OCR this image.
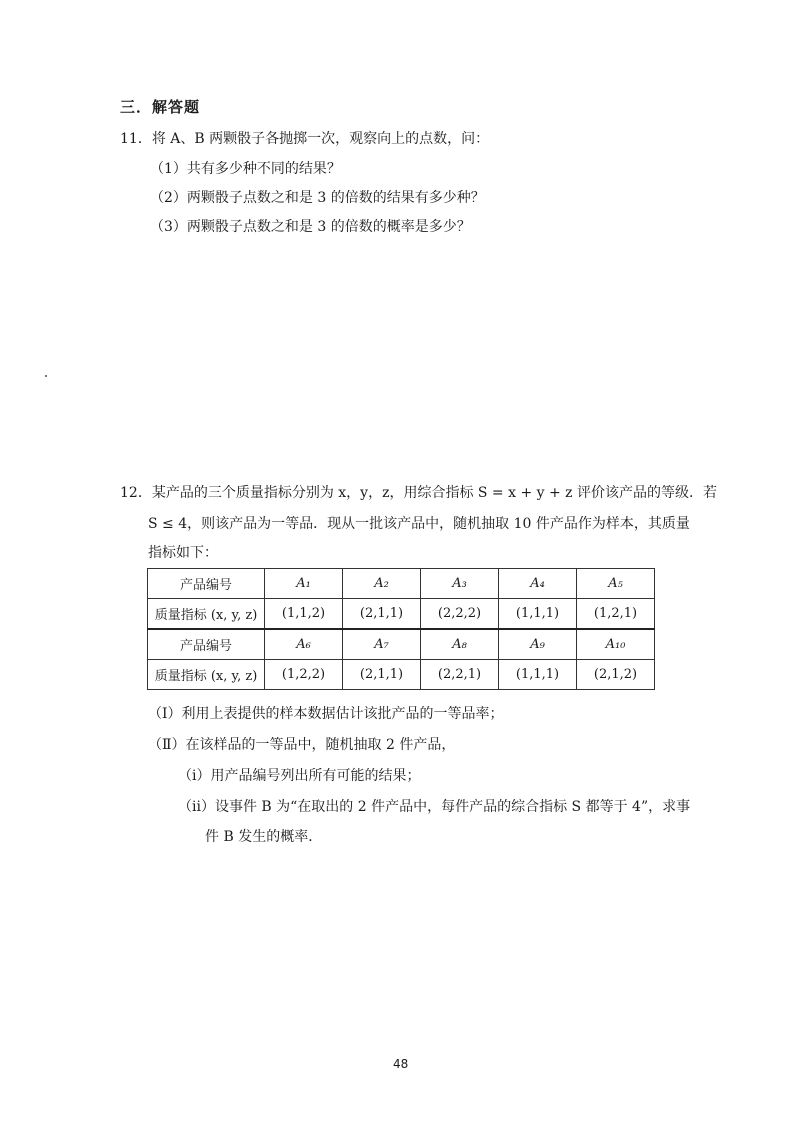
三．解答题
11．将 A、B 两颗骰子各抛掷一次，观察向上的点数，问：
（1）共有多少种不同的结果？
（2）两颗骰子点数之和是 3 的倍数的结果有多少种？
（3）两颗骰子点数之和是 3 的倍数的概率是多少？
12．某产品的三个质量指标分别为 x，y，z，用综合指标 S = x + y + z 评价该产品的等级．若
S ≤ 4，则该产品为一等品．现从一批该产品中，随机抽取 10 件产品作为样本，其质量
指标如下：
产品编号	A₁	A₂	A₃	A₄	A₅
质量指标 (x, y, z)	(1,1,2)	(2,1,1)	(2,2,2)	(1,1,1)	(1,2,1)
产品编号	A₆	A₇	A₈	A₉	A₁₀
质量指标 (x, y, z)	(1,2,2)	(2,1,1)	(2,2,1)	(1,1,1)	(2,1,2)
（Ⅰ）利用上表提供的样本数据估计该批产品的一等品率；
（Ⅱ）在该样品的一等品中，随机抽取 2 件产品，
（i）用产品编号列出所有可能的结果；
（ii）设事件 B 为“在取出的 2 件产品中，每件产品的综合指标 S 都等于 4”，求事
件 B 发生的概率．
48
